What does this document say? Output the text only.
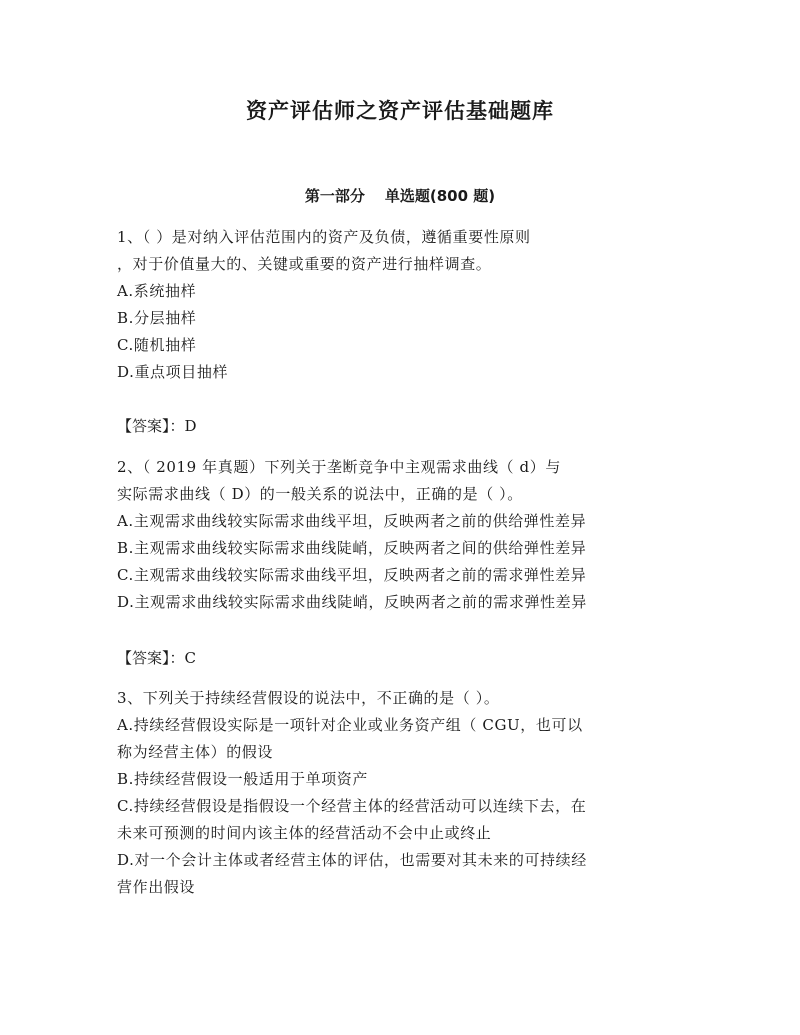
资产评估师之资产评估基础题库
第一部分 单选题(800 题)
1、（ ）是对纳入评估范围内的资产及负债，遵循重要性原则
，对于价值量大的、关键或重要的资产进行抽样调查。
A.系统抽样
B.分层抽样
C.随机抽样
D.重点项目抽样
【答案】：D
2、（ 2019 年真题）下列关于垄断竞争中主观需求曲线（ d）与
实际需求曲线（ D）的一般关系的说法中，正确的是（ ）。
A.主观需求曲线较实际需求曲线平坦，反映两者之前的供给弹性差异
B.主观需求曲线较实际需求曲线陡峭，反映两者之间的供给弹性差异
C.主观需求曲线较实际需求曲线平坦，反映两者之前的需求弹性差异
D.主观需求曲线较实际需求曲线陡峭，反映两者之前的需求弹性差异
【答案】：C
3、下列关于持续经营假设的说法中，不正确的是（ ）。
A.持续经营假设实际是一项针对企业或业务资产组（ CGU，也可以
称为经营主体）的假设
B.持续经营假设一般适用于单项资产
C.持续经营假设是指假设一个经营主体的经营活动可以连续下去，在
未来可预测的时间内该主体的经营活动不会中止或终止
D.对一个会计主体或者经营主体的评估，也需要对其未来的可持续经
营作出假设
